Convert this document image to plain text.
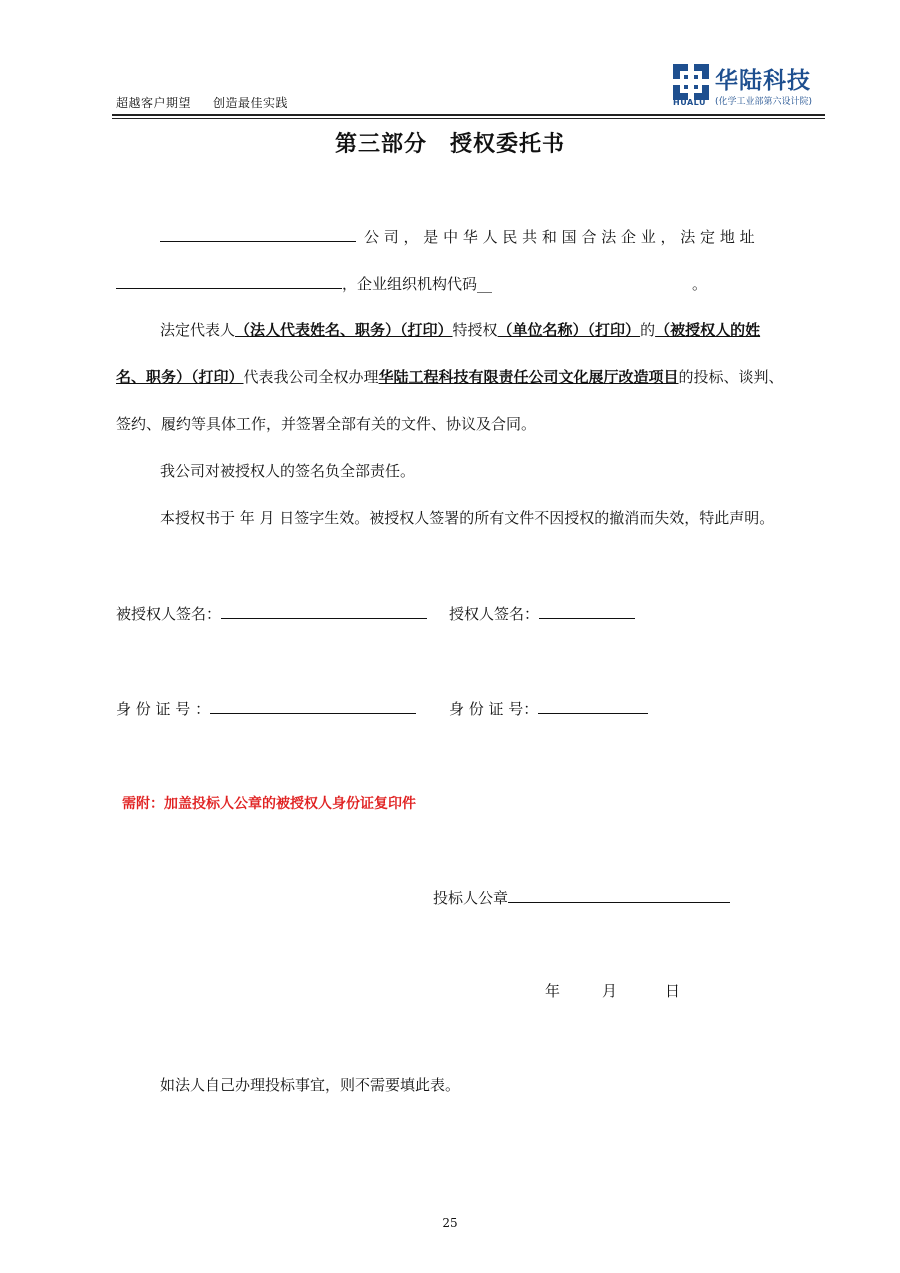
超越客户期望 创造最佳实践
华陆科技
HUALU (化学工业部第六设计院)
第三部分　授权委托书
公 司 ， 是 中 华 人 民 共 和 国 合 法 企 业 ， 法 定 地 址
，企业组织机构代码__	。
法定代表人（法人代表姓名、职务）（打印）特授权（单位名称）（打印）的（被授权人的姓
名、职务）（打印）代表我公司全权办理华陆工程科技有限责任公司文化展厅改造项目的投标、谈判、
签约、履约等具体工作，并签署全部有关的文件、协议及合同。
我公司对被授权人的签名负全部责任。
本授权书于 年 月 日签字生效。被授权人签署的所有文件不因授权的撤消而失效，特此声明。
被授权人签名：	授权人签名：
身 份 证 号 ：	身 份 证 号：
需附：加盖投标人公章的被授权人身份证复印件
投标人公章
年	月	日
如法人自己办理投标事宜，则不需要填此表。
25
